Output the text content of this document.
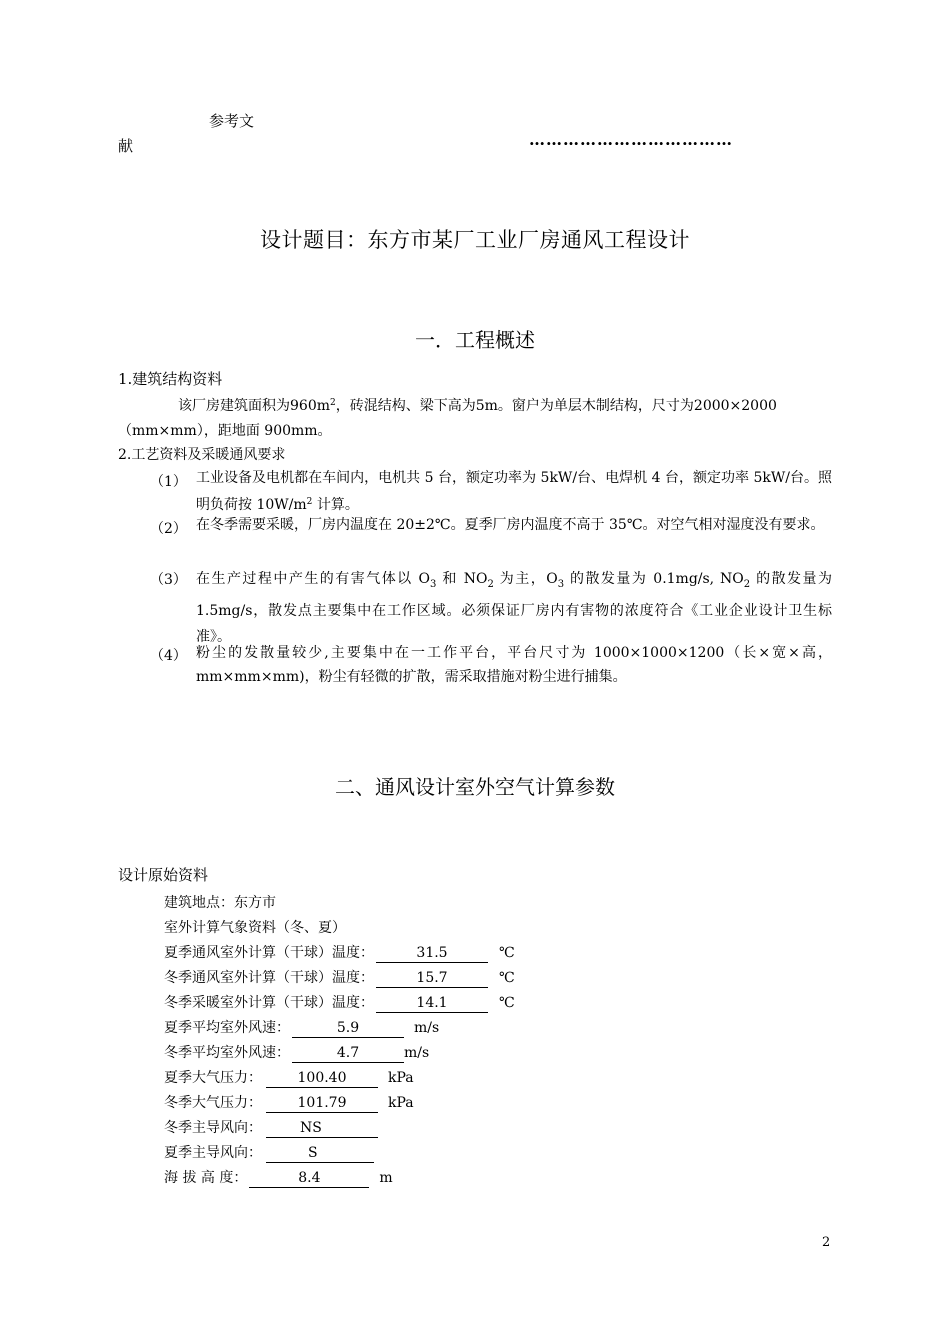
参考文
献	………………………………
设计题目：东方市某厂工业厂房通风工程设计
一．工程概述
1.建筑结构资料
该厂房建筑面积为$960m^2$，砖混结构、梁下高为5m。窗户为单层木制结构，尺寸为2000×2000
（mm×mm），距地面 900mm。
2.工艺资料及采暖通风要求
（1） 工业设备及电机都在车间内，电机共 5 台，额定功率为 5kW/台、电焊机 4 台，额定功率 5kW/台。照明负荷按 $10W/m^2$ 计算。
（2） 在冬季需要采暖，厂房内温度在 20±2℃。夏季厂房内温度不高于 35℃。对空气相对湿度没有要求。
（3） 在生产过程中产生的有害气体以 $O_3$ 和 $NO_2$ 为主，$O_3$ 的散发量为 0.1mg/s, $NO_2$ 的散发量为 1.5mg/s，散发点主要集中在工作区域。必须保证厂房内有害物的浓度符合《工业企业设计卫生标准》。
（4） 粉尘的发散量较少,主要集中在一工作平台，平台尺寸为 1000×1000×1200（长×宽×高，mm×mm×mm)，粉尘有轻微的扩散，需采取措施对粉尘进行捕集。
二、通风设计室外空气计算参数
设计原始资料
建筑地点：东方市
室外计算气象资料（冬、夏）
夏季通风室外计算（干球）温度：	31.5	℃
冬季通风室外计算（干球）温度：	15.7	℃
冬季采暖室外计算（干球）温度：	14.1	℃
夏季平均室外风速：	5.9	m/s
冬季平均室外风速：	4.7	m/s
夏季大气压力：	100.40	kPa
冬季大气压力：	101.79	kPa
冬季主导风向：	NS
夏季主导风向：	S
海 拔 高 度：	8.4	m
2
